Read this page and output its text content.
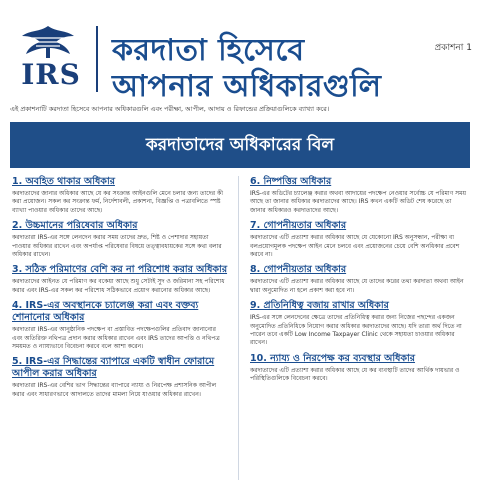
IRS
করদাতা হিসেবে
আপনার অধিকারগুলি
প্রকাশনা 1
এই প্রকাশনাটি করদাতা হিসেবে আপনার অধিকারগুলি এবং পরীক্ষা, আপীল, আদায় ও রিফান্ডের প্রক্রিয়াগুলিকে ব্যাখ্যা করে।
করদাতাদের অধিকারের বিল
1. অবহিত থাকার অধিকার
করদাতাদের জানার অধিকার আছে যে কর সংক্রান্ত আইনগুলি মেনে চলার জন্য তাদের কী করা প্রয়োজন। সকল কর সংক্রান্ত ফর্ম, নির্দেশাবলী, প্রকাশনা, বিজ্ঞপ্তি ও পত্রাবলিতে স্পষ্ট ব্যাখ্যা পাওয়ার অধিকার তাদের আছে।
2. উচ্চমানের পরিষেবার অধিকার
করদাতারা IRS-এর সঙ্গে লেনদেন করার সময় তাদের দ্রুত, শিষ্ট ও পেশাদার সহায়তা পাওয়ার অধিকার রাখেন এবং অপর্যাপ্ত পরিষেবার বিষয়ে তত্ত্বাবধায়কের সঙ্গে কথা বলার অধিকার রাখেন।
3. সঠিক পরিমাণের বেশি কর না পরিশোধ করার অধিকার
করদাতাদের আইনত যে পরিমাণ কর বকেয়া আছে শুধু সেটাই সুদ ও জরিমানা সহ পরিশোধ করার এবং IRS-এর সকল কর পরিশোধ সঠিকভাবে প্রয়োগ করানোর অধিকার আছে।
4. IRS-এর অবস্থানকে চ্যালেঞ্জ করা এবং বক্তব্য শোনানোর অধিকার
করদাতারা IRS-এর আনুষ্ঠানিক পদক্ষেপ বা প্রস্তাবিত পদক্ষেপগুলির প্রতিবাদ জানানোর এবং অতিরিক্ত নথিপত্র প্রদান করার অধিকার রাখেন এবং IRS তাদের আপত্তি ও নথিপত্র সময়মত ও ন্যায্যভাবে বিবেচনা করবে বলে আশা করেন।
5. IRS-এর সিদ্ধান্তের ব্যাপারে একটি স্বাধীন ফোরামে আপীল করার অধিকার
করদাতারা IRS-এর বেশির ভাগ সিদ্ধান্তের ব্যাপারে ন্যায্য ও নিরপেক্ষ প্রশাসনিক আপীল করার এবং সাধারণভাবে আদালতে তাদের মামলা নিয়ে যাওয়ার অধিকার রাখেন।
6. নিষ্পত্তির অধিকার
IRS-এর অডিটের চ্যালেঞ্জ করার অথবা আদায়ের পদক্ষেপ নেওয়ার সর্বোচ্চ যে পরিমাণ সময় আছে তা জানার অধিকার করদাতাদের আছে। IRS কখন একটি অডিট শেষ করেছে তা জানার অধিকারও করদাতাদের আছে।
7. গোপনীয়তার অধিকার
করদাতাদের এটি প্রত্যাশা করার অধিকার আছে যে যেকোনো IRS অনুসন্ধান, পরীক্ষা বা বলপ্রয়োগমূলক পদক্ষেপ আইন মেনে চলবে এবং প্রয়োজনের চেয়ে বেশি অনধিকার প্রবেশ করবে না।
8. গোপনীয়তার অধিকার
করদাতাদের এটি প্রত্যাশা করার অধিকার আছে যে তাদের করের তথ্য করদাতা অথবা আইন দ্বারা অনুমোদিত না হলে প্রকাশ করা হবে না।
9. প্রতিনিধিত্ব বজায় রাখার অধিকার
IRS-এর সঙ্গে লেনদেনের ক্ষেত্রে তাদের প্রতিনিধিত্ব করার জন্য নিজের পছন্দের একজন অনুমোদিত প্রতিনিধিকে নিয়োগ করার অধিকার করদাতাদের আছে। যদি তারা অর্থ দিতে না পারেন তবে একটি Low Income Taxpayer Clinic থেকে সহায়তা চাওয়ার অধিকার রাখেন।
10. ন্যায্য ও নিরপেক্ষ কর ব্যবস্থার অধিকার
করদাতাদের এটি প্রত্যাশা করার অধিকার আছে যে কর ব্যবস্থাটি তাদের আর্থিক দায়ভার ও পরিস্থিতিগুলিকে বিবেচনা করবে।
